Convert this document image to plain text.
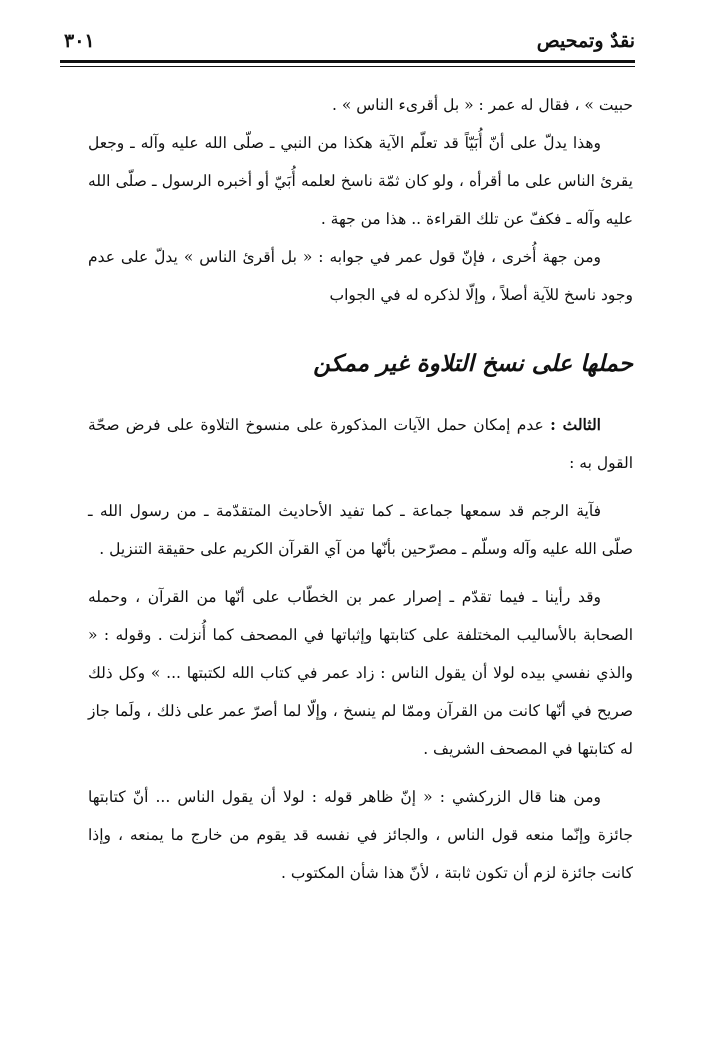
نقدٌ وتمحيص
٣٠١

حبيت » ، فقال له عمر : « بل أقرىء الناس » .

وهذا يدلّ على أنّ أُبَيّاً قد تعلّم الآية هكذا من النبي ـ صلّى الله عليه وآله ـ وجعل يقرئ الناس على ما أقرأه ، ولو كان ثمّة ناسخ لعلمه أُبَيّ أو أخبره الرسول ـ صلّى الله عليه وآله ـ فكفّ عن تلك القراءة .. هذا من جهة .

ومن جهة أُخرى ، فإنّ قول عمر في جوابه : « بل أقرئ الناس » يدلّ على عدم وجود ناسخ للآية أصلاً ، وإلّا لذكره له في الجواب

حملها على نسخ التلاوة غير ممكن

الثالث : عدم إمكان حمل الآيات المذكورة على منسوخ التلاوة على فرض صحّة القول به :

فآية الرجم قد سمعها جماعة ـ كما تفيد الأحاديث المتقدّمة ـ من رسول الله ـ صلّى الله عليه وآله وسلّم ـ مصرّحين بأنّها من آي القرآن الكريم على حقيقة التنزيل .

وقد رأينا ـ فيما تقدّم ـ إصرار عمر بن الخطّاب على أنّها من القرآن ، وحمله الصحابة بالأساليب المختلفة على كتابتها وإثباتها في المصحف كما أُنزلت . وقوله : « والذي نفسي بيده لولا أن يقول الناس : زاد عمر في كتاب الله لكتبتها ... » وكل ذلك صريح في أنّها كانت من القرآن وممّا لم ينسخ ، وإلّا لما أصرّ عمر على ذلك ، ولَما جاز له كتابتها في المصحف الشريف .

ومن هنا قال الزركشي : « إنّ ظاهر قوله : لولا أن يقول الناس ... أنّ كتابتها جائزة وإنّما منعه قول الناس ، والجائز في نفسه قد يقوم من خارج ما يمنعه ، وإذا كانت جائزة لزم أن تكون ثابتة ، لأنّ هذا شأن المكتوب .
